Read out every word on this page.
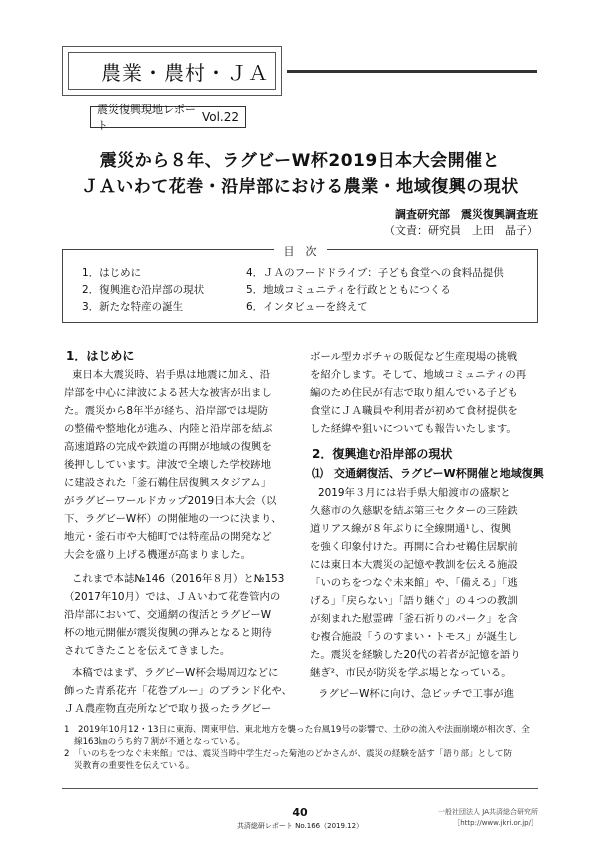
農業・農村・ＪＡ
震災復興現地レポート
Vol.22
震災から８年、ラグビーW杯2019日本大会開催と
ＪＡいわて花巻・沿岸部における農業・地域復興の現状
調査研究部　震災復興調査班
（文責：研究員　上田　晶子）
目　次
1．はじめに
2．復興進む沿岸部の現状
3．新たな特産の誕生
4．ＪＡのフードドライブ：子ども食堂への食料品提供
5．地域コミュニティを行政とともにつくる
6．インタビューを終えて
1．はじめに
東日本大震災時、岩手県は地震に加え、沿
岸部を中心に津波による甚大な被害が出まし
た。震災から8年半が経ち、沿岸部では堤防
の整備や整地化が進み、内陸と沿岸部を結ぶ
高速道路の完成や鉄道の再開が地域の復興を
後押ししています。津波で全壊した学校跡地
に建設された「釜石鵜住居復興スタジアム」
がラグビーワールドカップ2019日本大会（以
下、ラグビーW杯）の開催地の一つに決まり、
地元・釜石市や大槌町では特産品の開発など
大会を盛り上げる機運が高まりました。
これまで本誌№146（2016年８月）と№153
（2017年10月）では、ＪＡいわて花巻管内の
沿岸部において、交通網の復活とラグビーW
杯の地元開催が震災復興の弾みとなると期待
されてきたことを伝えてきました。
本稿ではまず、ラグビーW杯会場周辺などに
飾った青系花卉「花巻ブルー」のブランド化や、
ＪＡ農産物直売所などで取り扱ったラグビー
ボール型カボチャの販促など生産現場の挑戦
を紹介します。そして、地域コミュニティの再
編のため住民が有志で取り組んでいる子ども
食堂にＪＡ職員や利用者が初めて食材提供を
した経緯や狙いについても報告いたします。
2．復興進む沿岸部の現状
⑴　交通網復活、ラグビーW杯開催と地域復興
2019年３月には岩手県大船渡市の盛駅と
久慈市の久慈駅を結ぶ第三セクターの三陸鉄
道リアス線が８年ぶりに全線開通¹し、復興
を強く印象付けた。再開に合わせ鵜住居駅前
には東日本大震災の記憶や教訓を伝える施設
「いのちをつなぐ未来館」や、「備える」「逃
げる」「戻らない」「語り継ぐ」の４つの教訓
が刻まれた慰霊碑「釜石祈りのパーク」を含
む複合施設「うのすまい・トモス」が誕生し
た。震災を経験した20代の若者が記憶を語り
継ぎ²、市民が防災を学ぶ場となっている。
ラグビーW杯に向け、急ピッチで工事が進
1　2019年10月12・13日に東海、関東甲信、東北地方を襲った台風19号の影響で、土砂の流入や法面崩壊が相次ぎ、全
線163㎞のうち約７割が不通となっている。
2　「いのちをつなぐ未来館」では、震災当時中学生だった菊池のどかさんが、震災の経験を話す「語り部」として防
災教育の重要性を伝えている。
40
共済総研レポート No.166（2019.12）
一般社団法人 JA共済総合研究所
［http://www.jkri.or.jp/］
